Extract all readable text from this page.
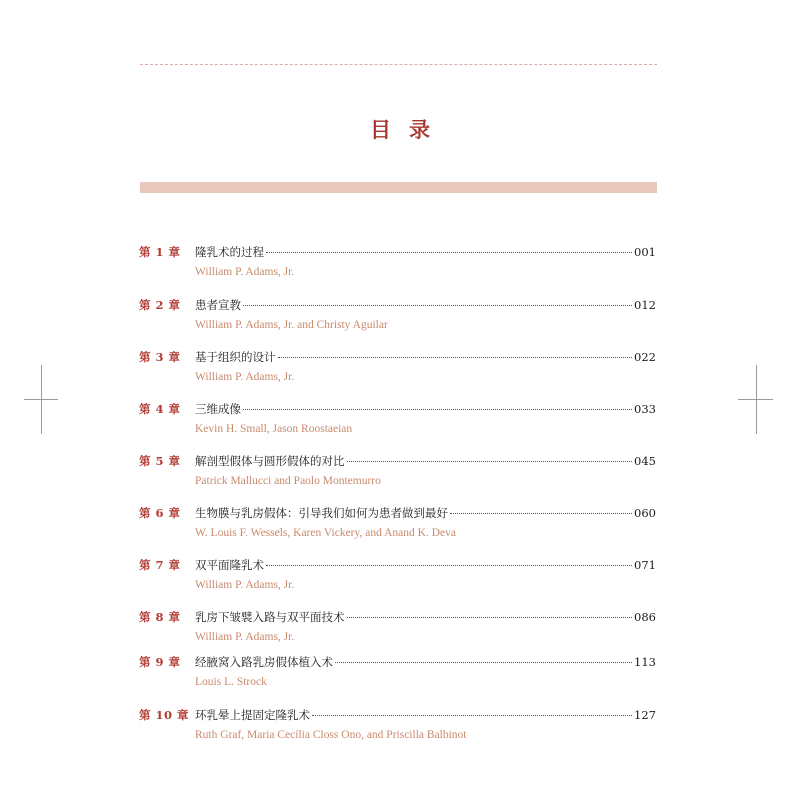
目录
第 1 章	隆乳术的过程	001
William P. Adams, Jr.
第 2 章	患者宣教	012
William P. Adams, Jr. and Christy Aguilar
第 3 章	基于组织的设计	022
William P. Adams, Jr.
第 4 章	三维成像	033
Kevin H. Small, Jason Roostaeian
第 5 章	解剖型假体与圆形假体的对比	045
Patrick Mallucci and Paolo Montemurro
第 6 章	生物膜与乳房假体：引导我们如何为患者做到最好	060
W. Louis F. Wessels, Karen Vickery, and Anand K. Deva
第 7 章	双平面隆乳术	071
William P. Adams, Jr.
第 8 章	乳房下皱襞入路与双平面技术	086
William P. Adams, Jr.
第 9 章	经腋窝入路乳房假体植入术	113
Louis L. Strock
第 10 章 环乳晕上提固定隆乳术	127
Ruth Graf, Maria Cecília Closs Ono, and Priscilla Balbinot
